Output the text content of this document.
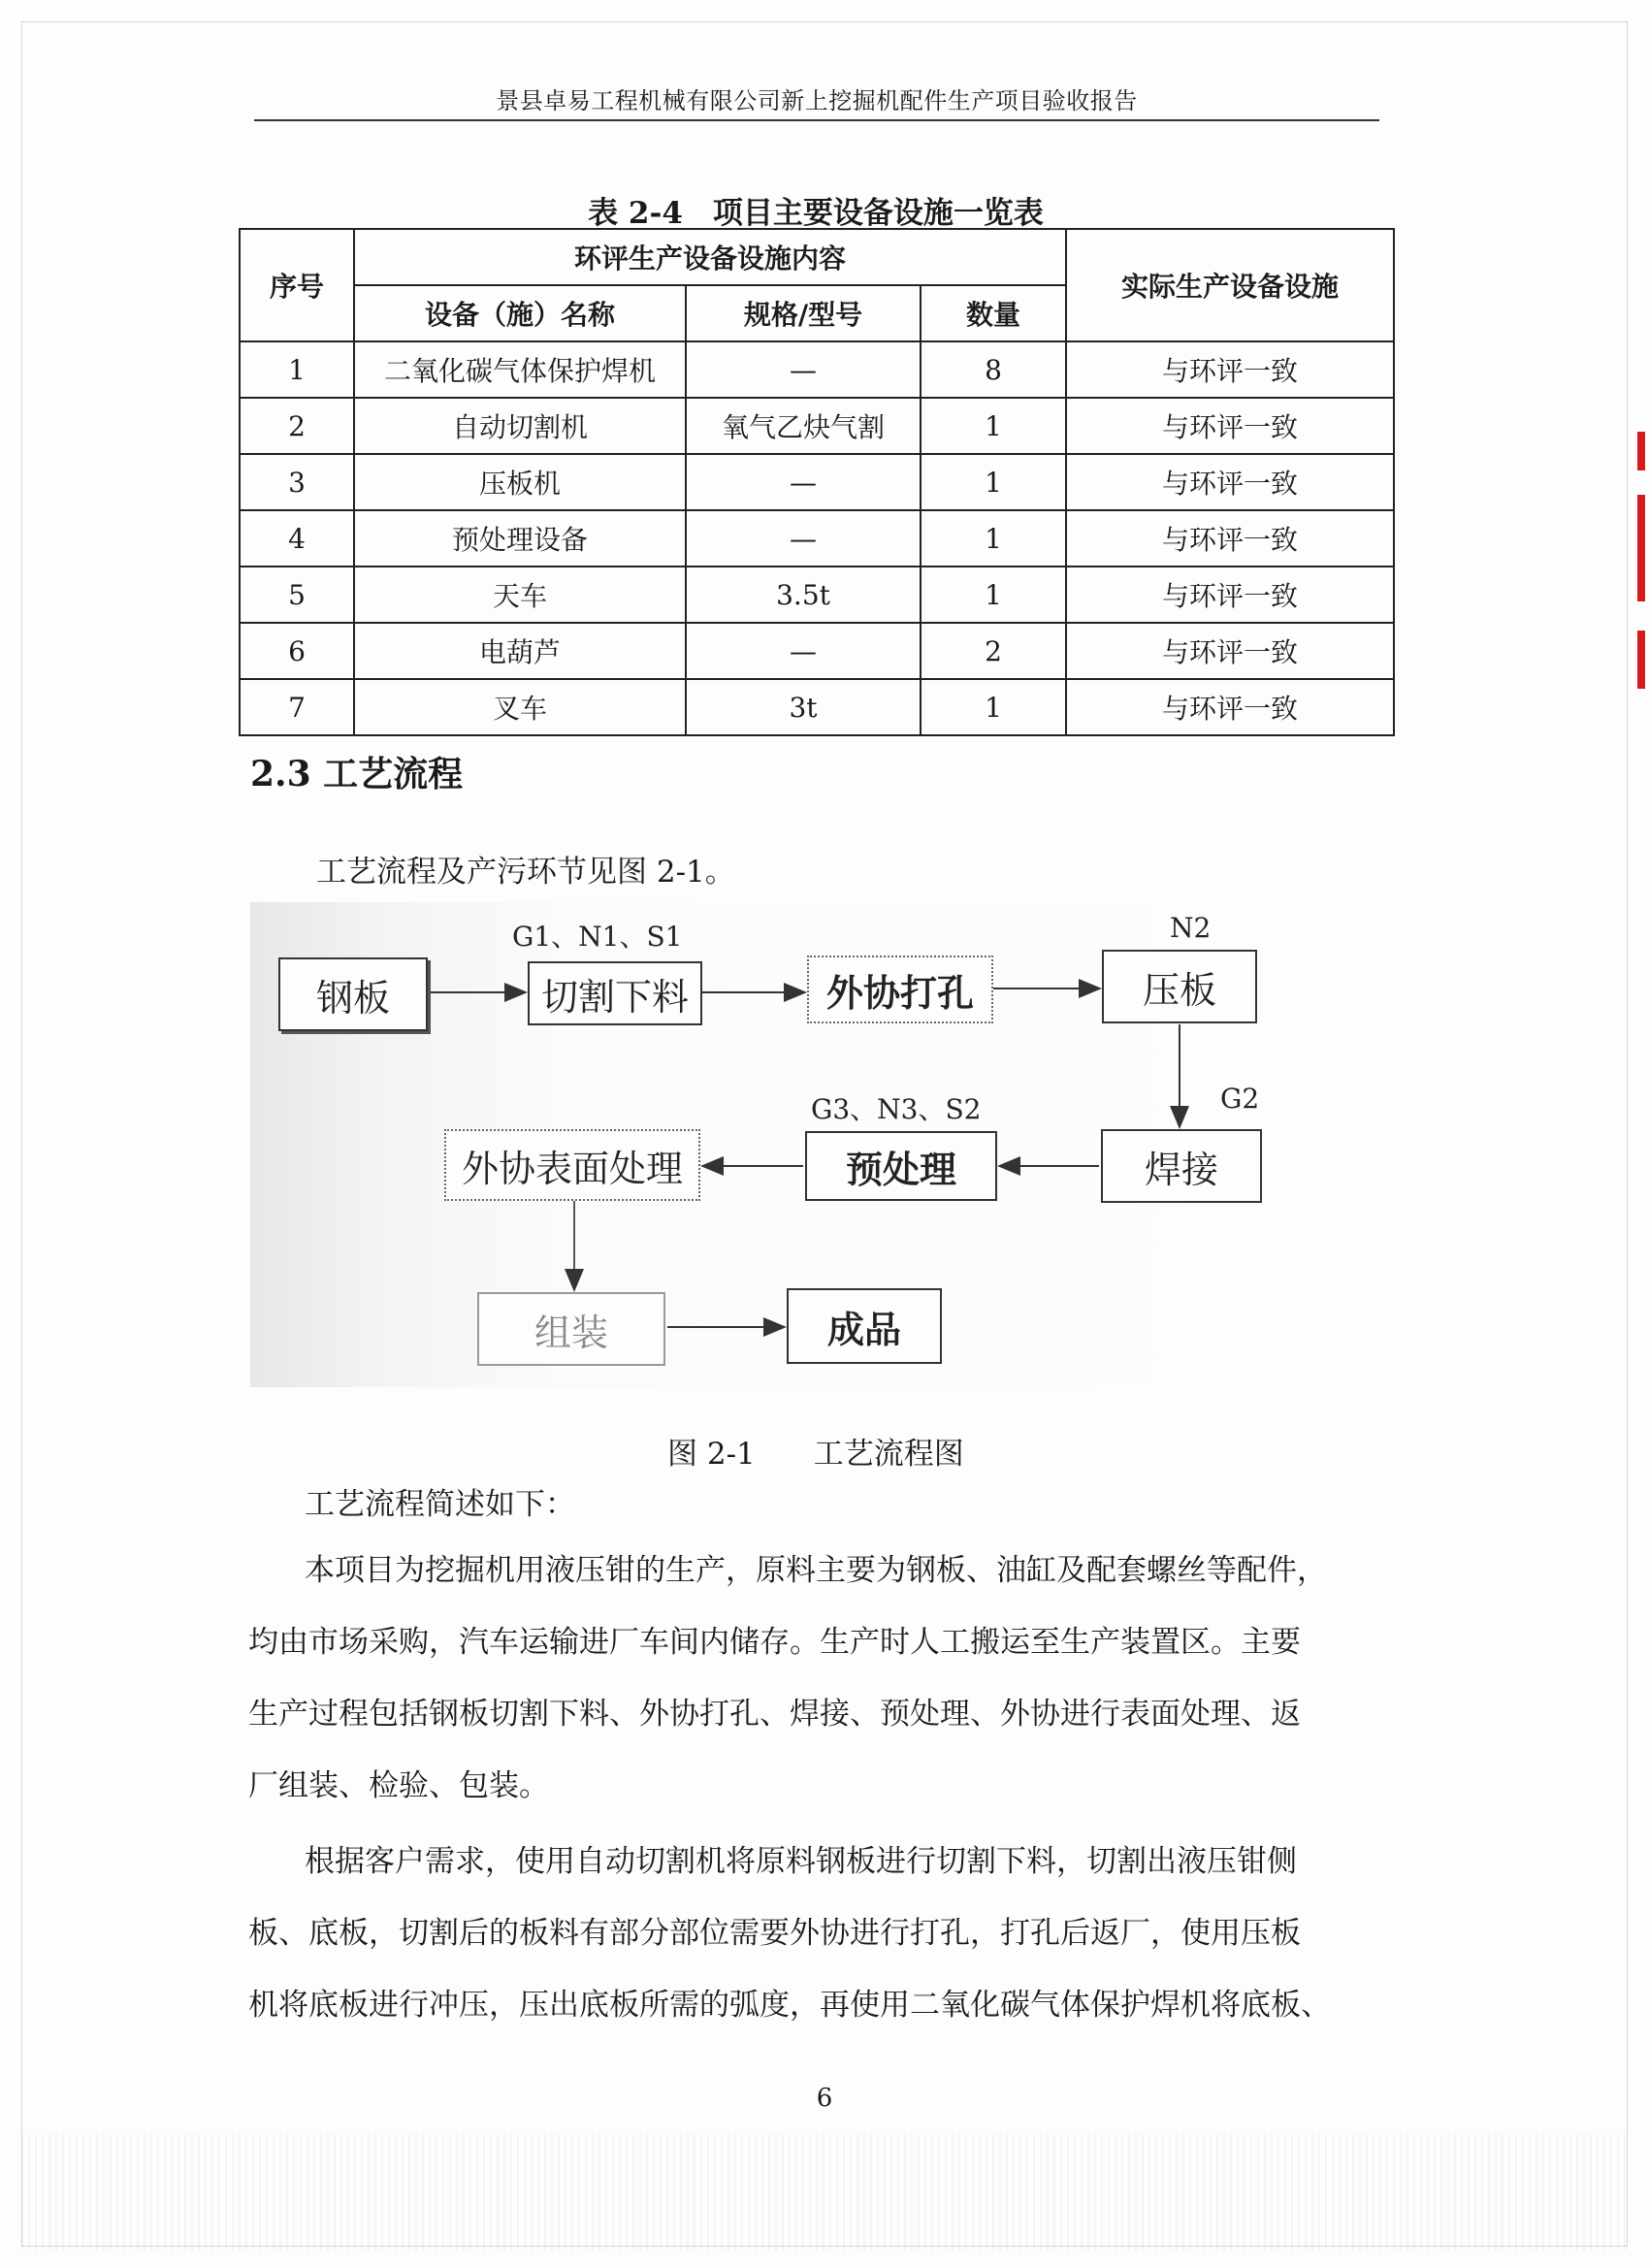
景县卓易工程机械有限公司新上挖掘机配件生产项目验收报告
表 2-4　项目主要设备设施一览表
序号	环评生产设备设施内容			实际生产设备设施
	设备（施）名称	规格/型号	数量	
1	二氧化碳气体保护焊机	—	8	与环评一致
2	自动切割机	氧气乙炔气割	1	与环评一致
3	压板机	—	1	与环评一致
4	预处理设备	—	1	与环评一致
5	天车	3.5t	1	与环评一致
6	电葫芦	—	2	与环评一致
7	叉车	3t	1	与环评一致
2.3 工艺流程
工艺流程及产污环节见图 2-1。
钢板	切割下料	外协打孔	压板
焊接
预处理
外协表面处理
组装	成品
G1、N1、S1	N2
G2
G3、N3、S2
图 2-1 工艺流程图
工艺流程简述如下：
本项目为挖掘机用液压钳的生产，原料主要为钢板、油缸及配套螺丝等配件，
均由市场采购，汽车运输进厂车间内储存。生产时人工搬运至生产装置区。主要
生产过程包括钢板切割下料、外协打孔、焊接、预处理、外协进行表面处理、返
厂组装、检验、包装。
根据客户需求，使用自动切割机将原料钢板进行切割下料，切割出液压钳侧
板、底板，切割后的板料有部分部位需要外协进行打孔，打孔后返厂，使用压板
机将底板进行冲压，压出底板所需的弧度，再使用二氧化碳气体保护焊机将底板、
6
